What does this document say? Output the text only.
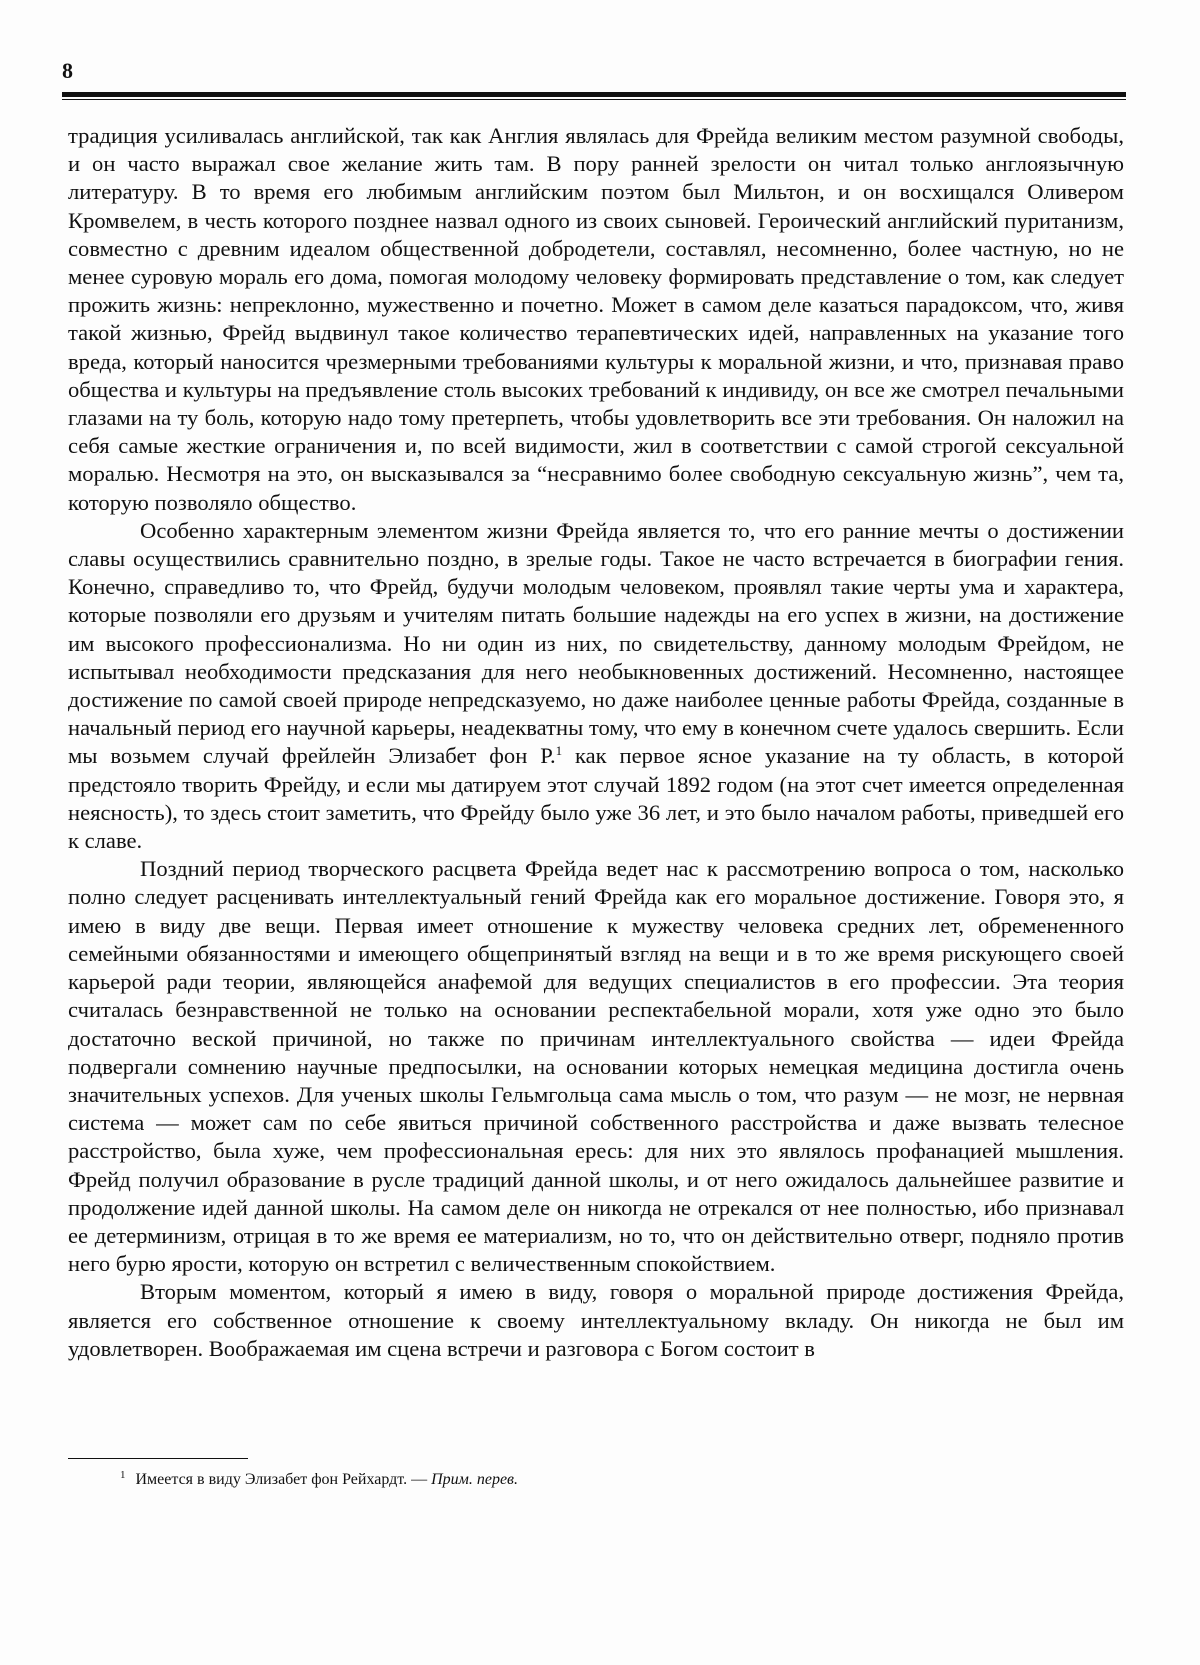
8

традиция усиливалась английской, так как Англия являлась для Фрейда великим местом разумной свободы, и он часто выражал свое желание жить там. В пору ранней зрелости он читал только англоязычную литературу. В то время его любимым английским поэтом был Мильтон, и он восхищался Оливером Кромвелем, в честь которого позднее назвал одного из своих сыновей. Героический английский пуританизм, совместно с древним идеалом общественной добродетели, составлял, несомненно, более частную, но не менее суровую мораль его дома, помогая молодому человеку формировать представление о том, как следует прожить жизнь: непреклонно, мужественно и почетно. Может в самом деле казаться парадоксом, что, живя такой жизнью, Фрейд выдвинул такое количество терапевтических идей, направленных на указание того вреда, который наносится чрезмерными требованиями культуры к моральной жизни, и что, признавая право общества и культуры на предъявление столь высоких требований к индивиду, он все же смотрел печальными глазами на ту боль, которую надо тому претерпеть, чтобы удовлетворить все эти требования. Он наложил на себя самые жесткие ограничения и, по всей видимости, жил в соответствии с самой строгой сексуальной моралью. Несмотря на это, он высказывался за “несравнимо более свободную сексуальную жизнь”, чем та, которую позволяло общество.

Особенно характерным элементом жизни Фрейда является то, что его ранние мечты о достижении славы осуществились сравнительно поздно, в зрелые годы. Такое не часто встречается в биографии гения. Конечно, справедливо то, что Фрейд, будучи молодым человеком, проявлял такие черты ума и характера, которые позволяли его друзьям и учителям питать большие надежды на его успех в жизни, на достижение им высокого профессионализма. Но ни один из них, по свидетельству, данному молодым Фрейдом, не испытывал необходимости предсказания для него необыкновенных достижений. Несомненно, настоящее достижение по самой своей природе непредсказуемо, но даже наиболее ценные работы Фрейда, созданные в начальный период его научной карьеры, неадекватны тому, что ему в конечном счете удалось свершить. Если мы возьмем случай фрейлейн Элизабет фон Р.$^1$ как первое ясное указание на ту область, в которой предстояло творить Фрейду, и если мы датируем этот случай 1892 годом (на этот счет имеется определенная неясность), то здесь стоит заметить, что Фрейду было уже 36 лет, и это было началом работы, приведшей его к славе.

Поздний период творческого расцвета Фрейда ведет нас к рассмотрению вопроса о том, насколько полно следует расценивать интеллектуальный гений Фрейда как его моральное достижение. Говоря это, я имею в виду две вещи. Первая имеет отношение к мужеству человека средних лет, обремененного семейными обязанностями и имеющего общепринятый взгляд на вещи и в то же время рискующего своей карьерой ради теории, являющейся анафемой для ведущих специалистов в его профессии. Эта теория считалась безнравственной не только на основании респектабельной морали, хотя уже одно это было достаточно веской причиной, но также по причинам интеллектуального свойства — идеи Фрейда подвергали сомнению научные предпосылки, на основании которых немецкая медицина достигла очень значительных успехов. Для ученых школы Гельмгольца сама мысль о том, что разум — не мозг, не нервная система — может сам по себе явиться причиной собственного расстройства и даже вызвать телесное расстройство, была хуже, чем профессиональная ересь: для них это являлось профанацией мышления. Фрейд получил образование в русле традиций данной школы, и от него ожидалось дальнейшее развитие и продолжение идей данной школы. На самом деле он никогда не отрекался от нее полностью, ибо признавал ее детерминизм, отрицая в то же время ее материализм, но то, что он действительно отверг, подняло против него бурю ярости, которую он встретил с величественным спокойствием.

Вторым моментом, который я имею в виду, говоря о моральной природе достижения Фрейда, является его собственное отношение к своему интеллектуальному вкладу. Он никогда не был им удовлетворен. Воображаемая им сцена встречи и разговора с Богом состоит в

$^1$ Имеется в виду Элизабет фон Рейхардт. — Прим. перев.
